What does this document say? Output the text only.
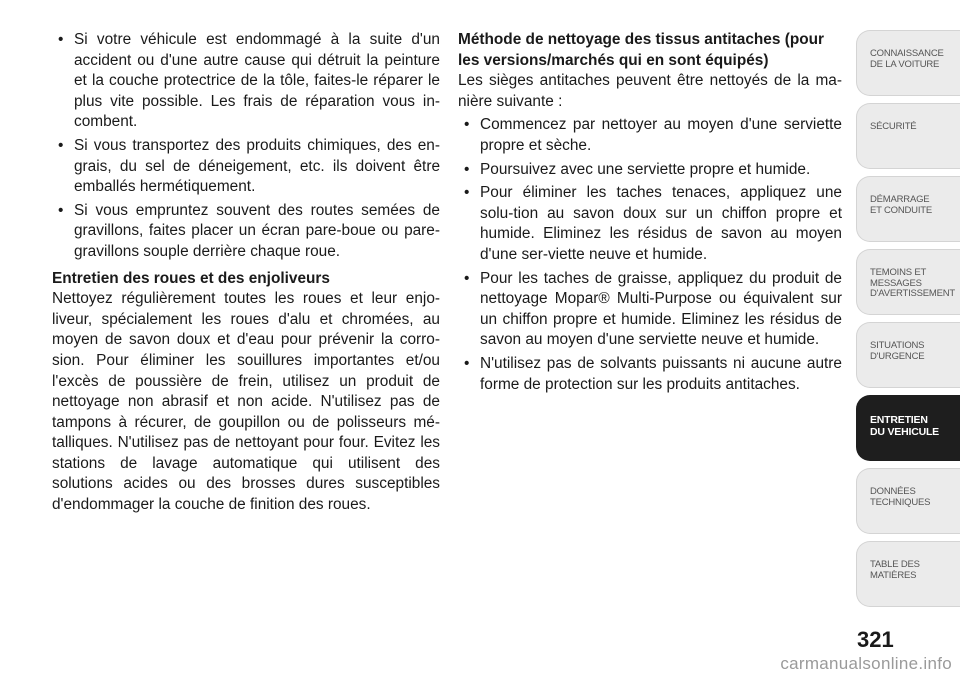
• Si votre véhicule est endommagé à la suite d'un accident ou d'une autre cause qui détruit la peinture et la couche protectrice de la tôle, faites-le réparer le plus vite possible. Les frais de réparation vous in-combent.
• Si vous transportez des produits chimiques, des en-grais, du sel de déneigement, etc. ils doivent être emballés hermétiquement.
• Si vous empruntez souvent des routes semées de gravillons, faites placer un écran pare-boue ou pare-gravillons souple derrière chaque roue.
Entretien des roues et des enjoliveurs

Nettoyez régulièrement toutes les roues et leur enjo-liveur, spécialement les roues d'alu et chromées, au moyen de savon doux et d'eau pour prévenir la corro-sion. Pour éliminer les souillures importantes et/ou l'excès de poussière de frein, utilisez un produit de nettoyage non abrasif et non acide. N'utilisez pas de tampons à récurer, de goupillon ou de polisseurs mé-talliques. N'utilisez pas de nettoyant pour four. Evitez les stations de lavage automatique qui utilisent des solutions acides ou des brosses dures susceptibles d'endommager la couche de finition des roues.

Méthode de nettoyage des tissus antitaches (pour les versions/marchés qui en sont équipés)

Les sièges antitaches peuvent être nettoyés de la ma-nière suivante :

• Commencez par nettoyer au moyen d'une serviette propre et sèche.
• Poursuivez avec une serviette propre et humide.
• Pour éliminer les taches tenaces, appliquez une solu-tion au savon doux sur un chiffon propre et humide. Eliminez les résidus de savon au moyen d'une ser-viette neuve et humide.
• Pour les taches de graisse, appliquez du produit de nettoyage Mopar® Multi-Purpose ou équivalent sur un chiffon propre et humide. Eliminez les résidus de savon au moyen d'une serviette neuve et humide.
• N'utilisez pas de solvants puissants ni aucune autre forme de protection sur les produits antitaches.
CONNAISSANCE
DE LA VOITURE
SÉCURITÉ
DÉMARRAGE
ET CONDUITE
TEMOINS ET
MESSAGES
D'AVERTISSEMENT
SITUATIONS
D'URGENCE
ENTRETIEN
DU VEHICULE
DONNÉES
TECHNIQUES
TABLE DES
MATIÈRES
321
carmanualsonline.info
